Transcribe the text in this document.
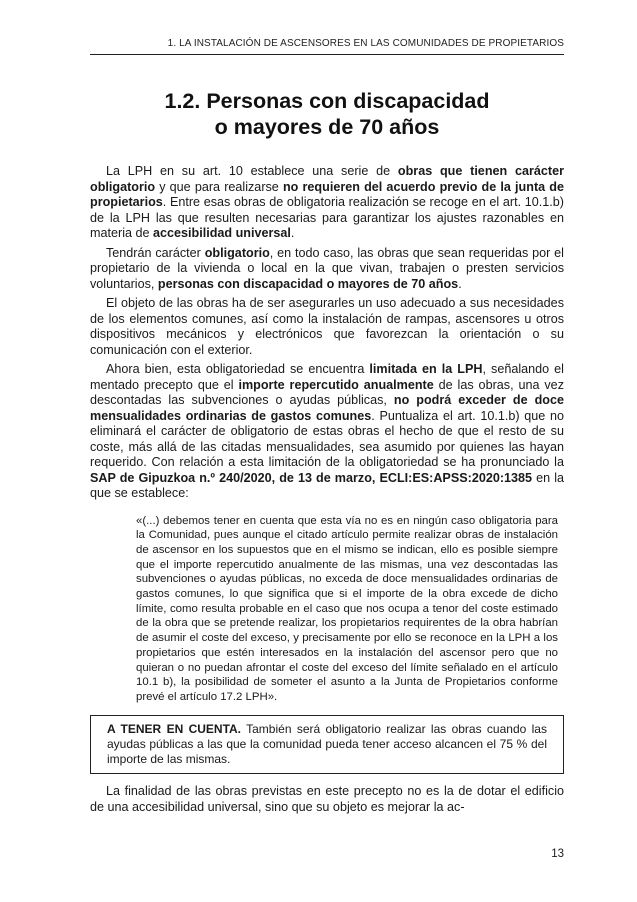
1. LA INSTALACIÓN DE ASCENSORES EN LAS COMUNIDADES DE PROPIETARIOS
1.2. Personas con discapacidad
o mayores de 70 años

La LPH en su art. 10 establece una serie de obras que tienen carácter obligatorio y que para realizarse no requieren del acuerdo previo de la junta de propietarios. Entre esas obras de obligatoria realización se recoge en el art. 10.1.b) de la LPH las que resulten necesarias para garantizar los ajustes razonables en materia de accesibilidad universal.

Tendrán carácter obligatorio, en todo caso, las obras que sean requeridas por el propietario de la vivienda o local en la que vivan, trabajen o presten servicios voluntarios, personas con discapacidad o mayores de 70 años.

El objeto de las obras ha de ser asegurarles un uso adecuado a sus necesidades de los elementos comunes, así como la instalación de rampas, ascensores u otros dispositivos mecánicos y electrónicos que favorezcan la orientación o su comunicación con el exterior.

Ahora bien, esta obligatoriedad se encuentra limitada en la LPH, señalando el mentado precepto que el importe repercutido anualmente de las obras, una vez descontadas las subvenciones o ayudas públicas, no podrá exceder de doce mensualidades ordinarias de gastos comunes. Puntualiza el art. 10.1.b) que no eliminará el carácter de obligatorio de estas obras el hecho de que el resto de su coste, más allá de las citadas mensualidades, sea asumido por quienes las hayan requerido. Con relación a esta limitación de la obligatoriedad se ha pronunciado la SAP de Gipuzkoa n.º 240/2020, de 13 de marzo, ECLI:ES:APSS:2020:1385 en la que se establece:

«(...) debemos tener en cuenta que esta vía no es en ningún caso obligatoria para la Comunidad, pues aunque el citado artículo permite realizar obras de instalación de ascensor en los supuestos que en el mismo se indican, ello es posible siempre que el importe repercutido anualmente de las mismas, una vez descontadas las subvenciones o ayudas públicas, no exceda de doce mensualidades ordinarias de gastos comunes, lo que significa que si el importe de la obra excede de dicho límite, como resulta probable en el caso que nos ocupa a tenor del coste estimado de la obra que se pretende realizar, los propietarios requirentes de la obra habrían de asumir el coste del exceso, y precisamente por ello se reconoce en la LPH a los propietarios que estén interesados en la instalación del ascensor pero que no quieran o no puedan afrontar el coste del exceso del límite señalado en el artículo 10.1 b), la posibilidad de someter el asunto a la Junta de Propietarios conforme prevé el artículo 17.2 LPH».
A TENER EN CUENTA. También será obligatorio realizar las obras cuando las ayudas públicas a las que la comunidad pueda tener acceso alcancen el 75 % del importe de las mismas.

La finalidad de las obras previstas en este precepto no es la de dotar el edificio de una accesibilidad universal, sino que su objeto es mejorar la ac-

13
